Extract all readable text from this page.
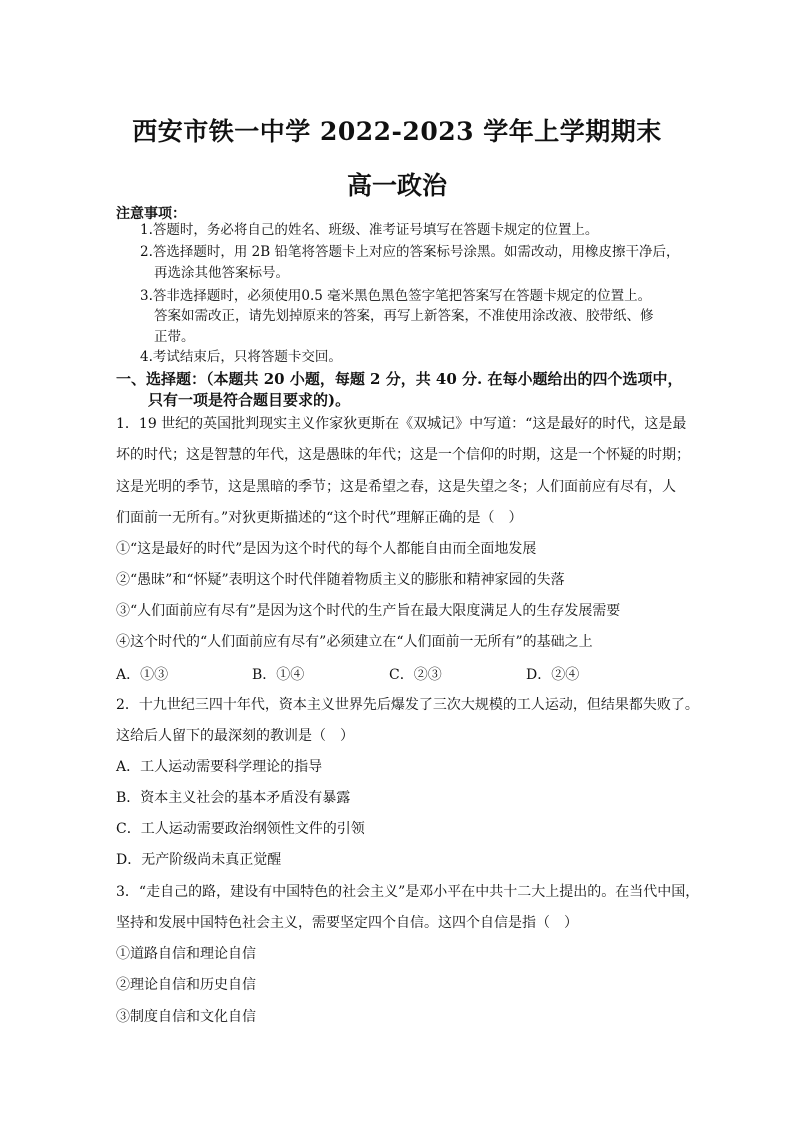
西安市铁一中学 2022-2023 学年上学期期末
高一政治
注意事项：
1.答题时，务必将自己的姓名、班级、准考证号填写在答题卡规定的位置上。
2.答选择题时，用 2B 铅笔将答题卡上对应的答案标号涂黑。如需改动，用橡皮擦干净后，
再选涂其他答案标号。
3.答非选择题时，必须使用0.5 毫米黑色黑色签字笔把答案写在答题卡规定的位置上。
答案如需改正，请先划掉原来的答案，再写上新答案，不准使用涂改液、胶带纸、修
正带。
4.考试结束后，只将答题卡交回。
一、选择题：（本题共 20 小题，每题 2 分，共 40 分. 在每小题给出的四个选项中，
只有一项是符合题目要求的)。
1．19 世纪的英国批判现实主义作家狄更斯在《双城记》中写道：“这是最好的时代，这是最
坏的时代；这是智慧的年代，这是愚昧的年代；这是一个信仰的时期，这是一个怀疑的时期；
这是光明的季节，这是黑暗的季节；这是希望之春，这是失望之冬；人们面前应有尽有，人
们面前一无所有。”对狄更斯描述的“这个时代”理解正确的是（　）
①“这是最好的时代”是因为这个时代的每个人都能自由而全面地发展
②“愚昧”和“怀疑”表明这个时代伴随着物质主义的膨胀和精神家园的失落
③“人们面前应有尽有”是因为这个时代的生产旨在最大限度满足人的生存发展需要
④这个时代的“人们面前应有尽有”必须建立在“人们面前一无所有”的基础之上
A．①③	B．①④	C．②③	D．②④
2．十九世纪三四十年代，资本主义世界先后爆发了三次大规模的工人运动，但结果都失败了。
这给后人留下的最深刻的教训是（　）
A．工人运动需要科学理论的指导
B．资本主义社会的基本矛盾没有暴露
C．工人运动需要政治纲领性文件的引领
D．无产阶级尚未真正觉醒
3．“走自己的路，建设有中国特色的社会主义”是邓小平在中共十二大上提出的。在当代中国，
坚持和发展中国特色社会主义，需要坚定四个自信。这四个自信是指（　）
①道路自信和理论自信
②理论自信和历史自信
③制度自信和文化自信
